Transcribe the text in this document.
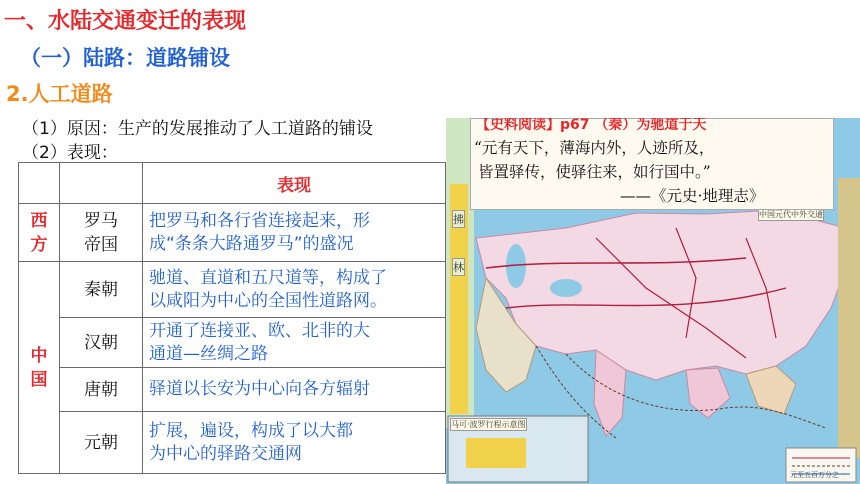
一、水陆交通变迁的表现
（一）陆路：道路铺设
2.人工道路
（1）原因：生产的发展推动了人工道路的铺设
（2）表现：
		表现
西
方	罗马
帝国	把罗马和各行省连接起来，形
成“条条大路通罗马”的盛况
中
国	秦朝	驰道、直道和五尺道等，构成了
以咸阳为中心的全国性道路网。
	汉朝	开通了连接亚、欧、北非的大
通道—丝绸之路
	唐朝	驿道以长安为中心向各方辐射
	元朝	扩展，遍设，构成了以大都
为中心的驿路交通网
中国元代中外交通
拂
林
马可·波罗行程示意图
元至五百万分之一
【史料阅读】p67 （秦）为驰道于天
“元有天下，薄海内外，人迹所及，
皆置驿传，使驿往来，如行国中。”
——《元史·地理志》
